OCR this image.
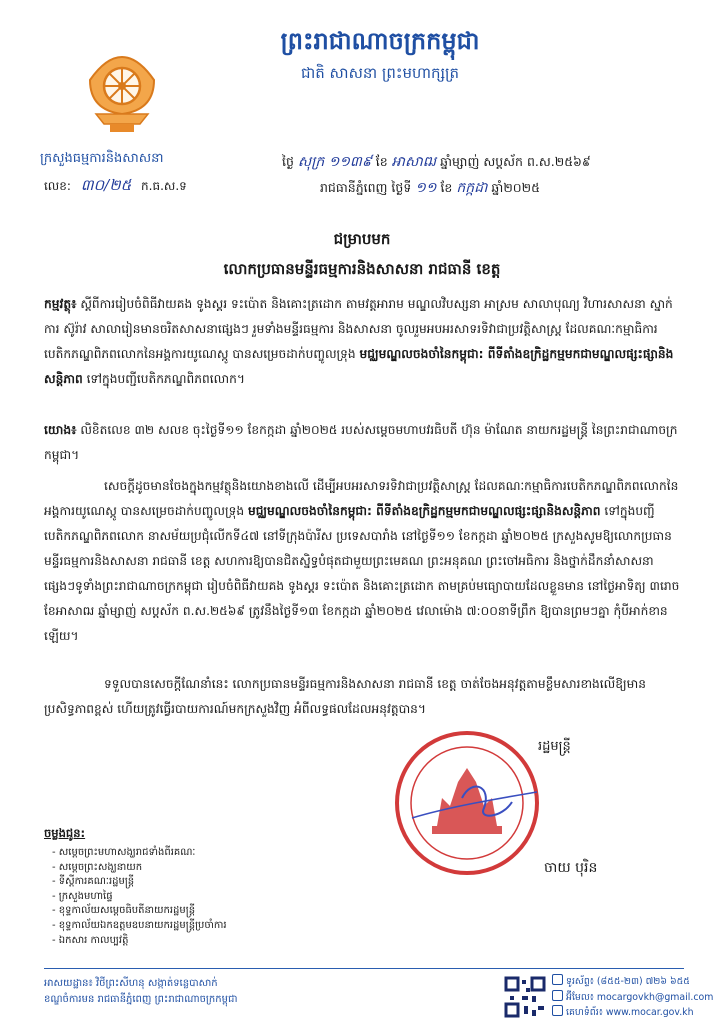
ព្រះរាជាណាចក្រកម្ពុជា
ជាតិ សាសនា ព្រះមហាក្សត្រ
ក្រសួងធម្មការនិងសាសនា
លេខ: ៣០/២៥ ក.ធ.ស.ទ
ថ្ងៃ សុក្រ ១១៣៩ ខែ អាសាឍ ឆ្នាំម្សាញ់ សប្តស័ក ព.ស.២៥៦៩
រាជធានីភ្នំពេញ ថ្ងៃទី ១១ ខែ កក្កដា ឆ្នាំ២០២៥
ជម្រាបមក
លោកប្រធានមន្ទីរធម្មការនិងសាសនា រាជធានី ខេត្ត
កម្មវត្ថុ៖ ស្តីពីការរៀបចំពិធីវាយគង ទូងស្គរ ទះប៉ោត និងគោះត្រដោក តាមវត្តអារាម មណ្ឌលវិបស្សនា អាស្រម សាលាបុណ្យ វិហារសាសនា ស្នាក់ការ ស៊ូរ៉ាវ សាលារៀនមានចរិតសាសនាផ្សេងៗ រួមទាំងមន្ទីរធម្មការ និងសាសនា ចូលរួមអបអរសាទរទិវាជាប្រវត្តិសាស្ត្រ ដែលគណៈកម្មាធិការបេតិកភណ្ឌពិភពលោកនៃអង្គការយូណេស្កូ បានសម្រេចដាក់បញ្ចូលទ្រុង មជ្ឈមណ្ឌលចងចាំនៃកម្ពុជា: ពីទីតាំងឧក្រិដ្ឋកម្មមកជាមណ្ឌលផ្សះផ្សានិងសន្តិភាព ទៅក្នុងបញ្ជីបេតិកភណ្ឌពិភពលោក។
យោង៖ លិខិតលេខ ៣២ សលខ ចុះថ្ងៃទី១១ ខែកក្កដា ឆ្នាំ២០២៥ របស់សម្តេចមហាបវរធិបតី ហ៊ុន ម៉ាណែត នាយករដ្ឋមន្ត្រី នៃព្រះរាជាណាចក្រកម្ពុជា។
សេចក្តីដូចមានចែងក្នុងកម្មវត្ថុនិងយោងខាងលើ ដើម្បីអបអរសាទរទិវាជាប្រវត្តិសាស្ត្រ ដែលគណៈកម្មាធិការបេតិកភណ្ឌពិភពលោកនៃអង្គការយូណេស្កូ បានសម្រេចដាក់បញ្ចូលទ្រុង មជ្ឈមណ្ឌលចងចាំនៃកម្ពុជា: ពីទីតាំងឧក្រិដ្ឋកម្មមកជាមណ្ឌលផ្សះផ្សានិងសន្តិភាព ទៅក្នុងបញ្ជីបេតិកភណ្ឌពិភពលោក នាសម័យប្រជុំលើកទី៤៧ នៅទីក្រុងប៉ារីស ប្រទេសបារាំង នៅថ្ងៃទី១១ ខែកក្កដា ឆ្នាំ២០២៥ ក្រសួងសូមឱ្យលោកប្រធានមន្ទីរធម្មការនិងសាសនា រាជធានី ខេត្ត សហការឱ្យបានជិតស្និទ្ធបំផុតជាមួយព្រះមេគណ ព្រះអនុគណ ព្រះចៅអធិការ និងថ្នាក់ដឹកនាំសាសនាផ្សេងៗទូទាំងព្រះរាជាណាចក្រកម្ពុជា រៀបចំពិធីវាយគង ទូងស្គរ ទះប៉ោត និងគោះត្រដោក តាមគ្រប់មធ្យោបាយដែលខ្លួនមាន នៅថ្ងៃអាទិត្យ ៣រោច ខែអាសាឍ ឆ្នាំម្សាញ់ សប្តស័ក ព.ស.២៥៦៩ ត្រូវនឹងថ្ងៃទី១៣ ខែកក្កដា ឆ្នាំ២០២៥ វេលាម៉ោង ៧:០០នាទីព្រឹក ឱ្យបានព្រមៗគ្នា កុំបីអាក់ខានឡើយ។
ទទួលបានសេចក្តីណែនាំនេះ លោកប្រធានមន្ទីរធម្មការនិងសាសនា រាជធានី ខេត្ត ចាត់ចែងអនុវត្តតាមខ្លឹមសារខាងលើឱ្យមានប្រសិទ្ធភាពខ្ពស់ ហើយត្រូវធ្វើរបាយការណ៍មកក្រសួងវិញ អំពីលទ្ធផលដែលអនុវត្តបាន។
រដ្ឋមន្ត្រី
ចាយ បុរិន
ចម្លងជូន:
- សម្តេចព្រះមហាសង្ឃរាជទាំងពីរគណៈ
- សម្តេចព្រះសង្ឃនាយក
- ទីស្តីការគណៈរដ្ឋមន្ត្រី
- ក្រសួងមហាផ្ទៃ
- ខុទ្ទកាល័យសម្តេចធិបតីនាយករដ្ឋមន្ត្រី
- ខុទ្ទកាល័យឯកឧត្តមឧបនាយករដ្ឋមន្ត្រីប្រចាំការ
- ឯកសារ កាលប្បវត្តិ
អាសយដ្ឋាន៖ វិថីព្រះសីហនុ សង្កាត់ទន្លេបាសាក់
ខណ្ឌចំការមន រាជធានីភ្នំពេញ ព្រះរាជាណាចក្រកម្ពុជា
ទូរស័ព្ទ៖ (៨៥៥-២៣) ៧២៦ ៦៥៥
អ៊ីមែល៖ mocargovkh@gmail.com
គេហទំព័រ៖ www.mocar.gov.kh
